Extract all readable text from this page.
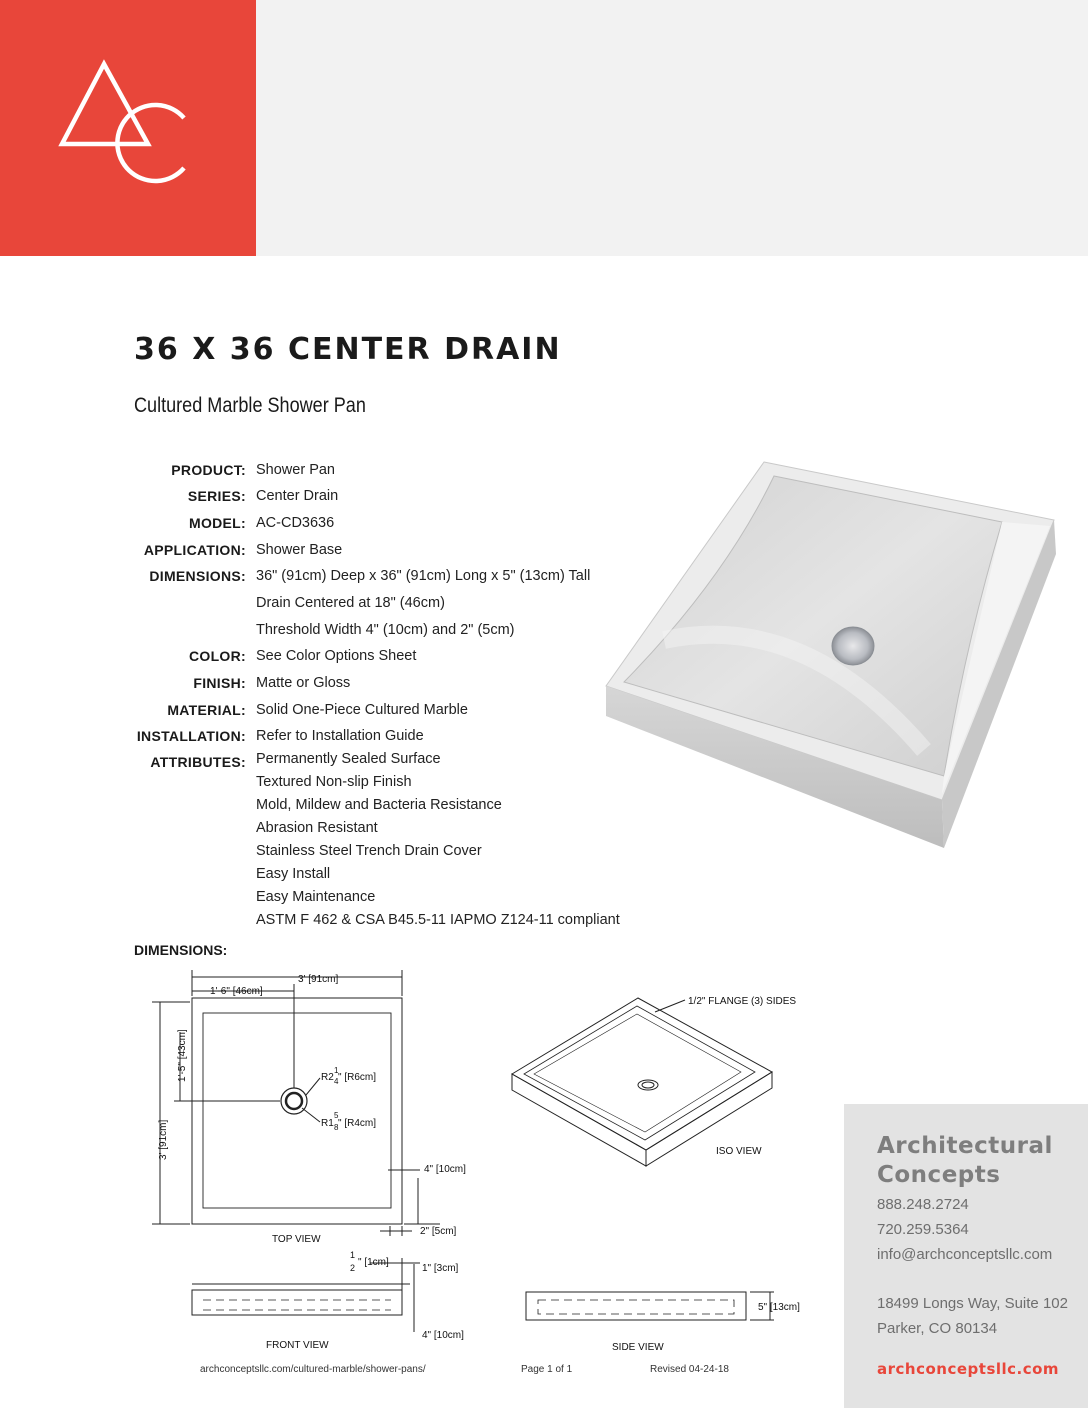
36 X 36 CENTER DRAIN
Cultured Marble Shower Pan
PRODUCT: Shower Pan
SERIES: Center Drain
MODEL: AC-CD3636
APPLICATION: Shower Base
DIMENSIONS: 36" (91cm) Deep x 36" (91cm) Long x 5" (13cm) Tall
Drain Centered at 18" (46cm)
Threshold Width 4" (10cm) and 2" (5cm)
COLOR: See Color Options Sheet
FINISH: Matte or Gloss
MATERIAL: Solid One-Piece Cultured Marble
INSTALLATION: Refer to Installation Guide
ATTRIBUTES: Permanently Sealed Surface
Textured Non-slip Finish
Mold, Mildew and Bacteria Resistance
Abrasion Resistant
Stainless Steel Trench Drain Cover
Easy Install
Easy Maintenance
ASTM F 462 & CSA B45.5-11 IAPMO Z124-11 compliant
DIMENSIONS:
3' [91cm]
1'-6" [46cm]
1'-5" [43cm]
3' [91cm]
R2
1
4 " [R6cm]
R1
5
8 " [R4cm]
4" [10cm]
2" [5cm]
TOP VIEW
1/2" FLANGE (3) SIDES
ISO VIEW
1
2 " [1cm]
1" [3cm]
4" [10cm]
FRONT VIEW
5" [13cm]
SIDE VIEW
Architectural
Concepts
888.248.2724
720.259.5364
info@archconceptsllc.com
18499 Longs Way, Suite 102
Parker, CO 80134
archconceptsllc.com
archconceptsllc.com/cultured-marble/shower-pans/	Page 1 of 1	Revised 04-24-18
